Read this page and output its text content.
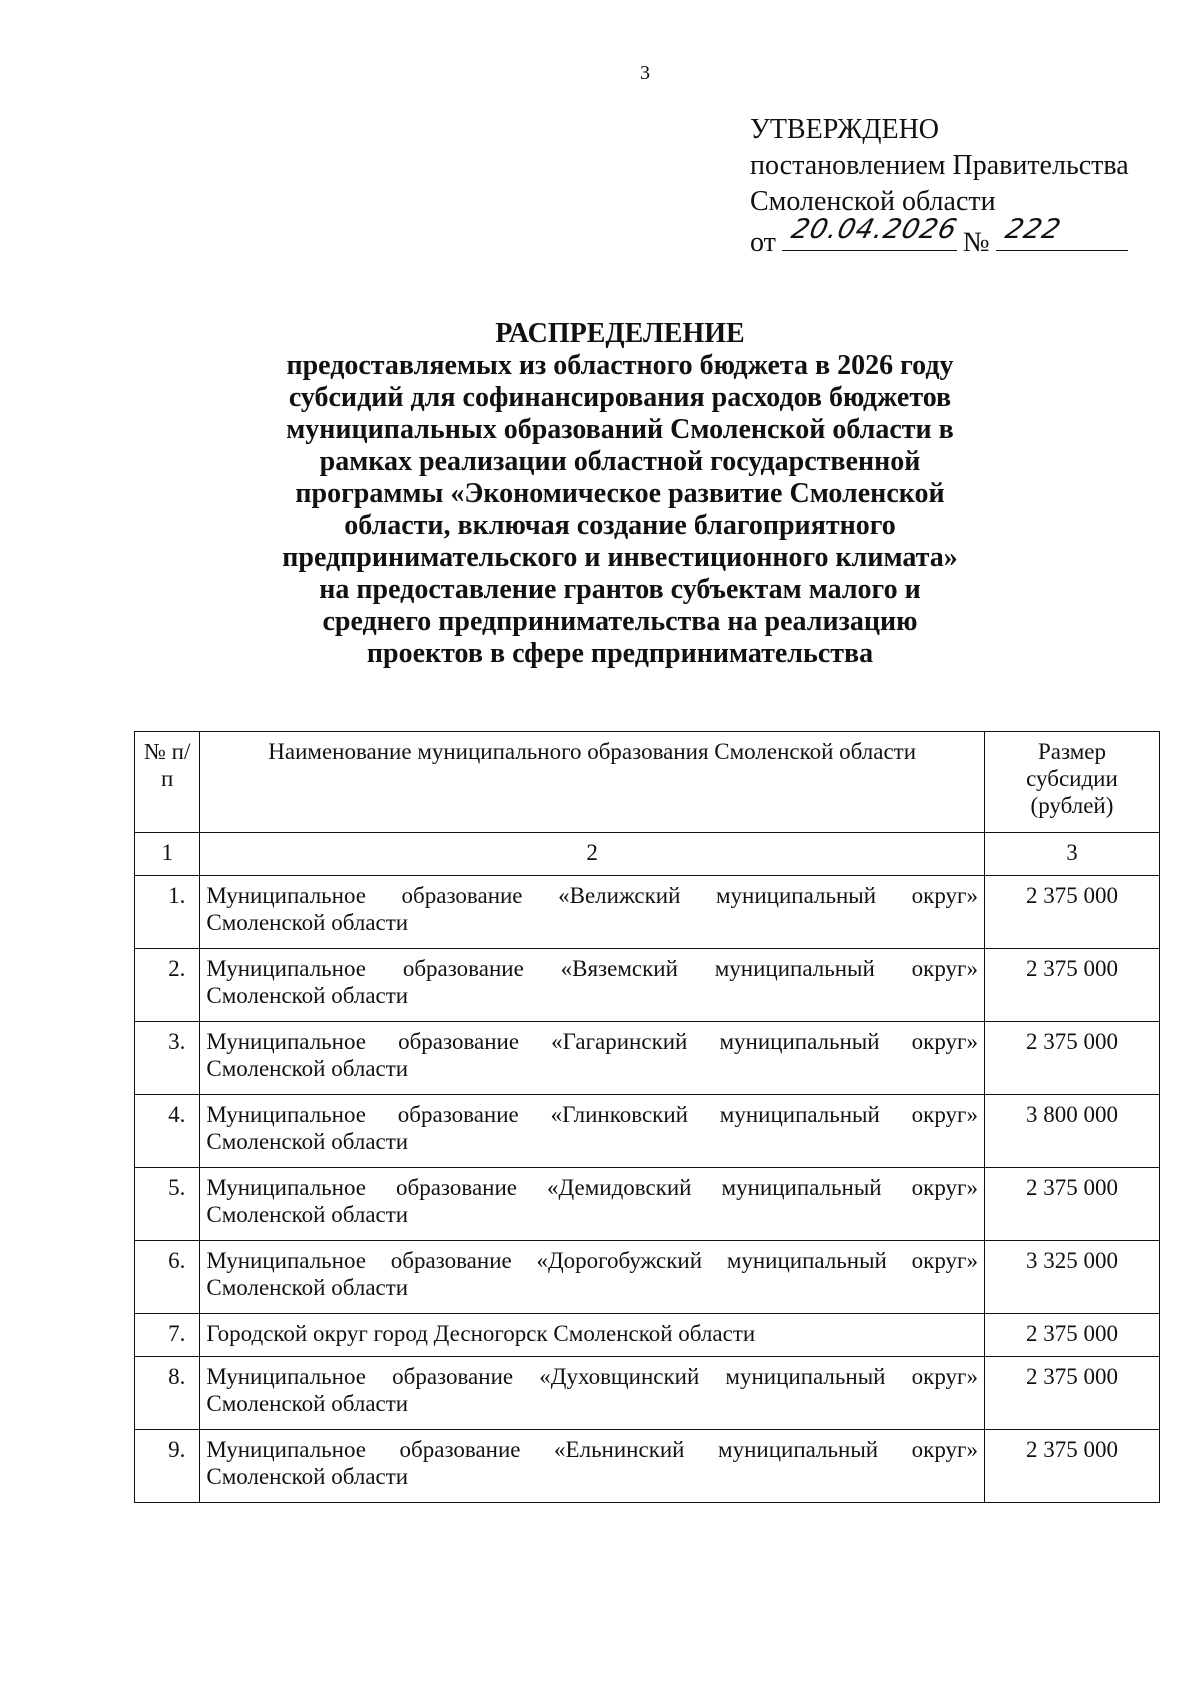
3
УТВЕРЖДЕНО
постановлением Правительства
Смоленской области
от 20.04.2026 № 222
РАСПРЕДЕЛЕНИЕ
предоставляемых из областного бюджета в 2026 году
субсидий для софинансирования расходов бюджетов
муниципальных образований Смоленской области в
рамках реализации областной государственной
программы «Экономическое развитие Смоленской
области, включая создание благоприятного
предпринимательского и инвестиционного климата»
на предоставление грантов субъектам малого и
среднего предпринимательства на реализацию
проектов в сфере предпринимательства
№ п/п	Наименование муниципального образования Смоленской области	Размер субсидии (рублей)
1	2	3
1.	Муниципальное образование «Велижский муниципальный округ»
Смоленской области	2 375 000
2.	Муниципальное образование «Вяземский муниципальный округ»
Смоленской области	2 375 000
3.	Муниципальное образование «Гагаринский муниципальный округ»
Смоленской области	2 375 000
4.	Муниципальное образование «Глинковский муниципальный округ»
Смоленской области	3 800 000
5.	Муниципальное образование «Демидовский муниципальный округ»
Смоленской области	2 375 000
6.	Муниципальное образование «Дорогобужский муниципальный округ»
Смоленской области	3 325 000
7.	Городской округ город Десногорск Смоленской области	2 375 000
8.	Муниципальное образование «Духовщинский муниципальный округ»
Смоленской области	2 375 000
9.	Муниципальное образование «Ельнинский муниципальный округ»
Смоленской области	2 375 000
